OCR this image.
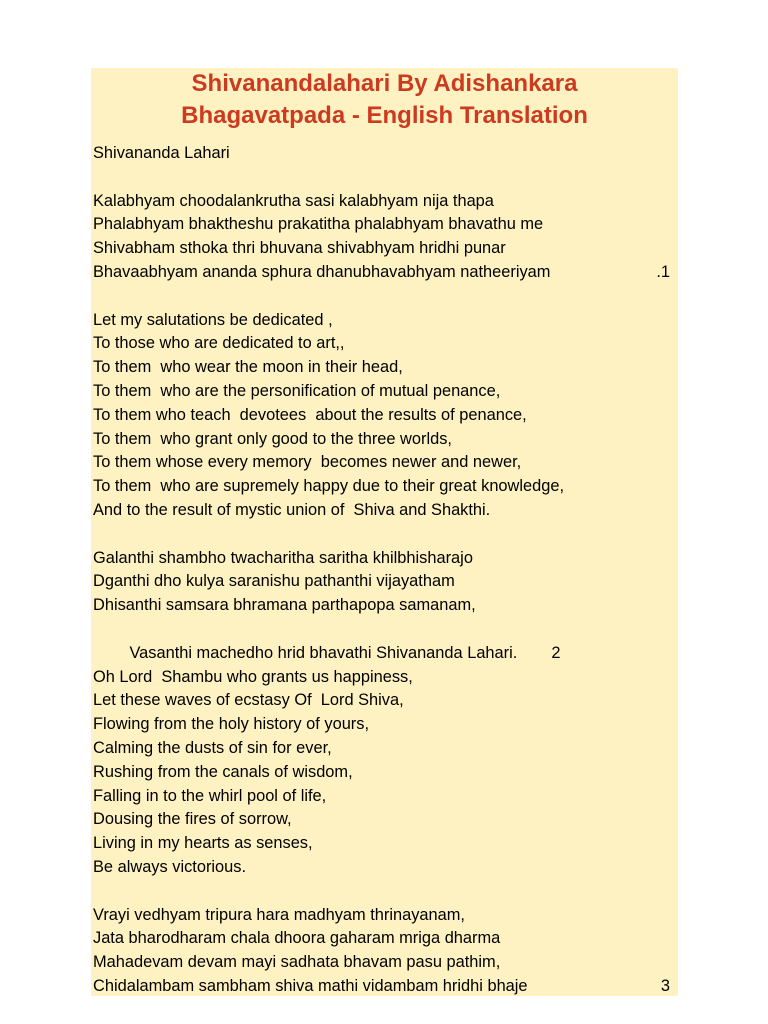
Shivanandalahari By Adishankara
Bhagavatpada - English Translation
Shivananda Lahari
Kalabhyam choodalankrutha sasi kalabhyam nija thapa
Phalabhyam bhaktheshu prakatitha phalabhyam bhavathu me
Shivabham sthoka thri bhuvana shivabhyam hridhi punar
Bhavaabhyam ananda sphura dhanubhavabhyam natheeriyam	.1
Let my salutations be dedicated ,
To those who are dedicated to art,,
To them  who wear the moon in their head,
To them  who are the personification of mutual penance,
To them who teach  devotees  about the results of penance,
To them  who grant only good to the three worlds,
To them whose every memory  becomes newer and newer,
To them  who are supremely happy due to their great knowledge,
And to the result of mystic union of  Shiva and Shakthi.
Galanthi shambho twacharitha saritha khilbhisharajo
Dganthi dho kulya saranishu pathanthi vijayatham
Dhisanthi samsara bhramana parthapopa samanam,

Vasanthi machedho hrid bhavathi Shivananda Lahari. 2

Oh Lord  Shambu who grants us happiness,
Let these waves of ecstasy Of  Lord Shiva,
Flowing from the holy history of yours,
Calming the dusts of sin for ever,
Rushing from the canals of wisdom,
Falling in to the whirl pool of life,
Dousing the fires of sorrow,
Living in my hearts as senses,
Be always victorious.
Vrayi vedhyam tripura hara madhyam thrinayanam,
Jata bharodharam chala dhoora gaharam mriga dharma
Mahadevam devam mayi sadhata bhavam pasu pathim,
Chidalambam sambham shiva mathi vidambam hridhi bhaje	3
